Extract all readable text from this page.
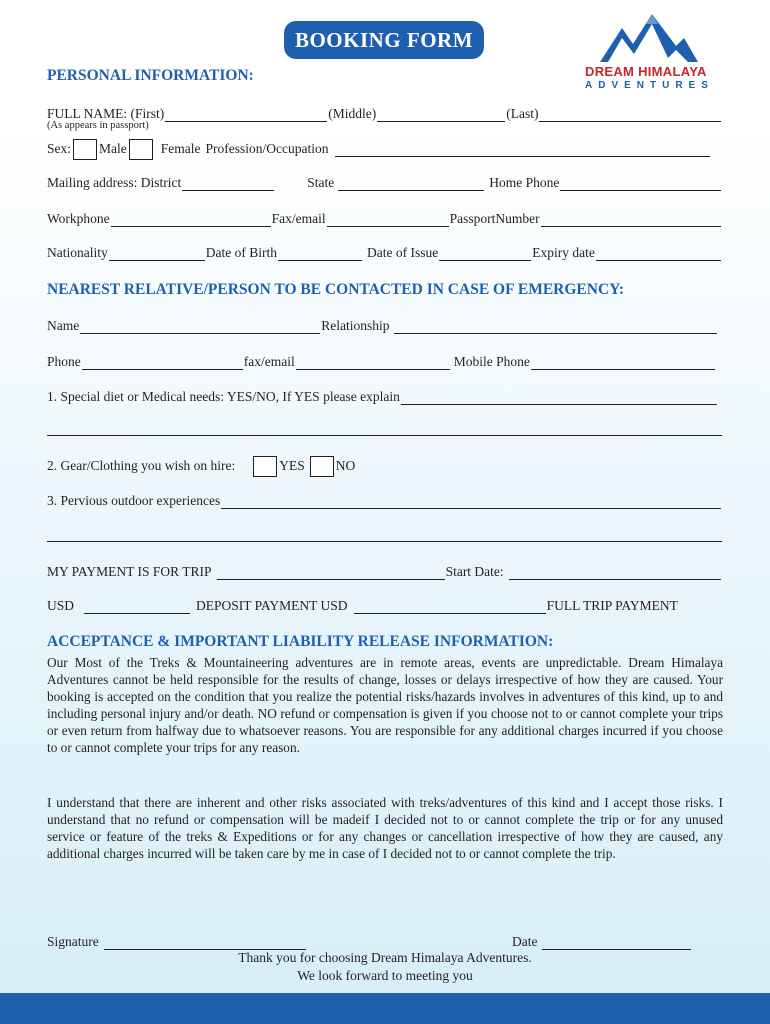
BOOKING FORM
DREAM HIMALAYA
ADVENTURES
PERSONAL INFORMATION:
FULL NAME: (First)	(Middle)	(Last)
(As appears in passport)
Sex: Male	Female Profession/Occupation
Mailing address: District	State	Home Phone
Workphone	Fax/email	PassportNumber
Nationality	Date of Birth	Date of Issue	Expiry date
NEAREST RELATIVE/PERSON TO BE CONTACTED IN CASE OF EMERGENCY:
Name	Relationship
Phone	fax/email	Mobile Phone
1. Special diet or Medical needs: YES/NO, If YES please explain
2. Gear/Clothing you wish on hire:	YES NO
3. Pervious outdoor experiences
MY PAYMENT IS FOR TRIP	Start Date:
USD	DEPOSIT PAYMENT USD	FULL TRIP PAYMENT
ACCEPTANCE & IMPORTANT LIABILITY RELEASE INFORMATION:
Our Most of the Treks & Mountaineering adventures are in remote areas, events are unpredictable. Dream Himalaya Adventures cannot be held responsible for the results of change, losses or delays irrespective of how they are caused. Your booking is accepted on the condition that you realize the potential risks/hazards involves in adventures of this kind, up to and including personal injury and/or death. NO refund or compensation is given if you choose not to or cannot complete your trips or even return from halfway due to whatsoever reasons. You are responsible for any additional charges incurred if you choose to or cannot complete your trips for any reason.
I understand that there are inherent and other risks associated with treks/adventures of this kind and I accept those risks. I understand that no refund or compensation will be madeif I decided not to or cannot complete the trip or for any unused service or feature of the treks & Expeditions or for any changes or cancellation irrespective of how they are caused, any additional charges incurred will be taken care by me in case of I decided not to or cannot complete the trip.
Signature	Date
Thank you for choosing Dream Himalaya Adventures.
We look forward to meeting you
